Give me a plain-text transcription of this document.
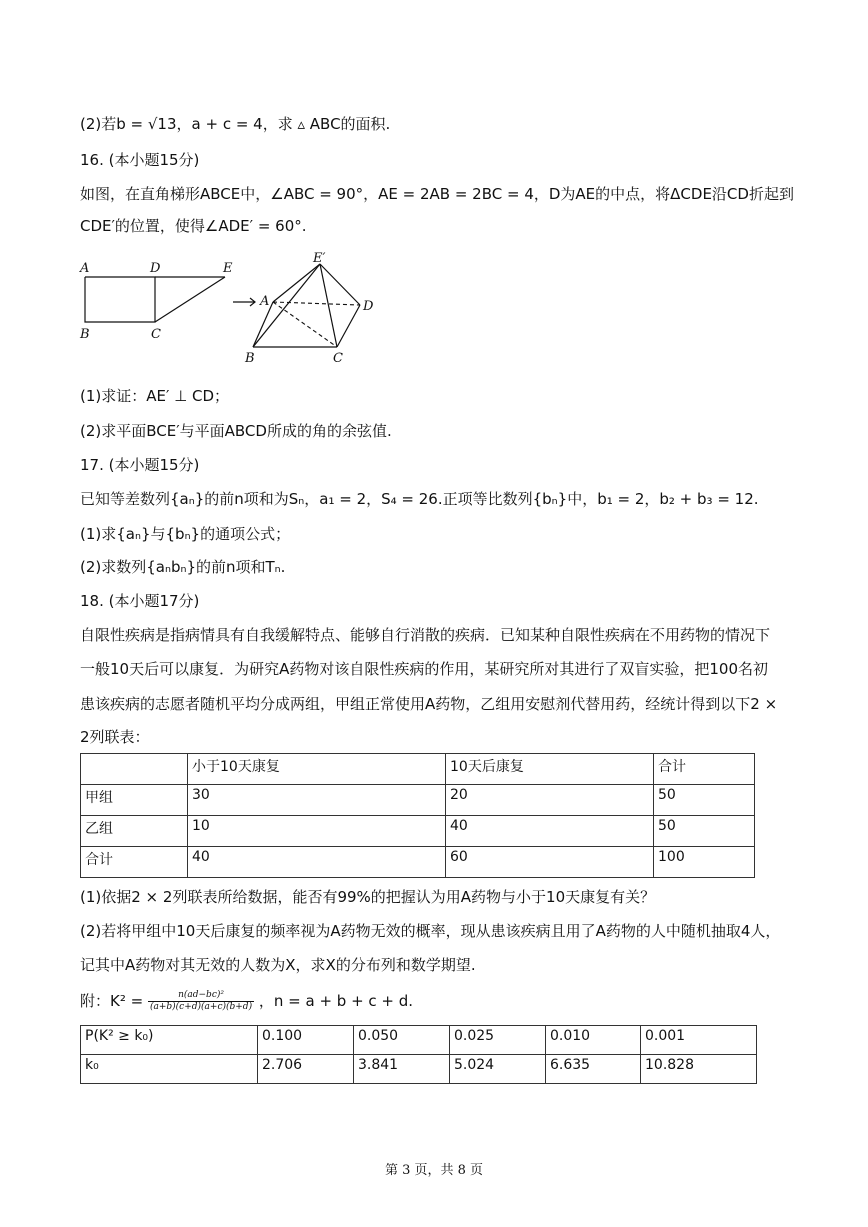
(2)若b = √13，a + c = 4，求 ▵ ABC的面积.
16. (本小题15分)
如图，在直角梯形ABCE中，∠ABC = 90°，AE = 2AB = 2BC = 4，D为AE的中点，将ΔCDE沿CD折起到
CDE′的位置，使得∠ADE′ = 60°.
A
B	C
D	E
E′
A	D
B	C
(1)求证：AE′ ⊥ CD；
(2)求平面BCE′与平面ABCD所成的角的余弦值.
17. (本小题15分)
已知等差数列{aₙ}的前n项和为Sₙ，a₁ = 2，S₄ = 26.正项等比数列{bₙ}中，b₁ = 2，b₂ + b₃ = 12.
(1)求{aₙ}与{bₙ}的通项公式；
(2)求数列{aₙbₙ}的前n项和Tₙ.
18. (本小题17分)
自限性疾病是指病情具有自我缓解特点、能够自行消散的疾病．已知某种自限性疾病在不用药物的情况下
一般10天后可以康复．为研究A药物对该自限性疾病的作用，某研究所对其进行了双盲实验，把100名初
患该疾病的志愿者随机平均分成两组，甲组正常使用A药物，乙组用安慰剂代替用药，经统计得到以下2 ×
2列联表：
	小于10天康复	10天后康复	合计
甲组	30	20	50
乙组	10	40	50
合计	40	60	100
(1)依据2 × 2列联表所给数据，能否有99%的把握认为用A药物与小于10天康复有关？
(2)若将甲组中10天后康复的频率视为A药物无效的概率，现从患该疾病且用了A药物的人中随机抽取4人，
记其中A药物对其无效的人数为X，求X的分布列和数学期望.
附：$K^2 = \frac{\text{n(ad−bc)²}}{(a+b)(c+d)(a+c)(b+d)}$ ，n = a + b + c + d.
P(K² ≥ k₀)	0.100	0.050	0.025	0.010	0.001
k₀	2.706	3.841	5.024	6.635	10.828
第 3 页，共 8 页
